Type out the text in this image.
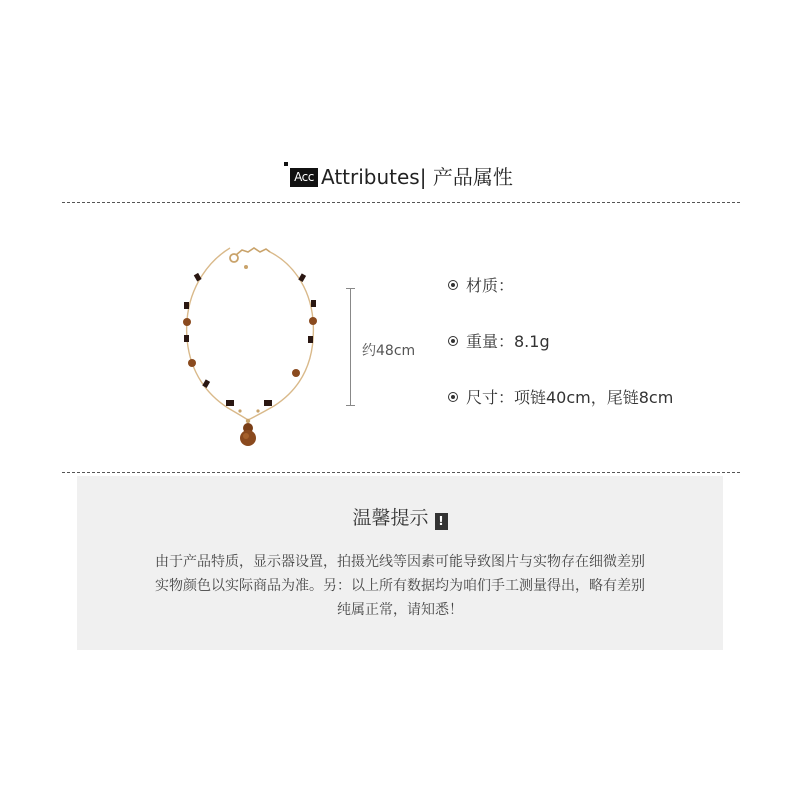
Acc Attributes| 产品属性
约48cm
材质：
重量：8.1g
尺寸：项链40cm，尾链8cm
温馨提示 !
由于产品特质，显示器设置，拍摄光线等因素可能导致图片与实物存在细微差别
实物颜色以实际商品为准。另：以上所有数据均为咱们手工测量得出，略有差别
纯属正常，请知悉！
